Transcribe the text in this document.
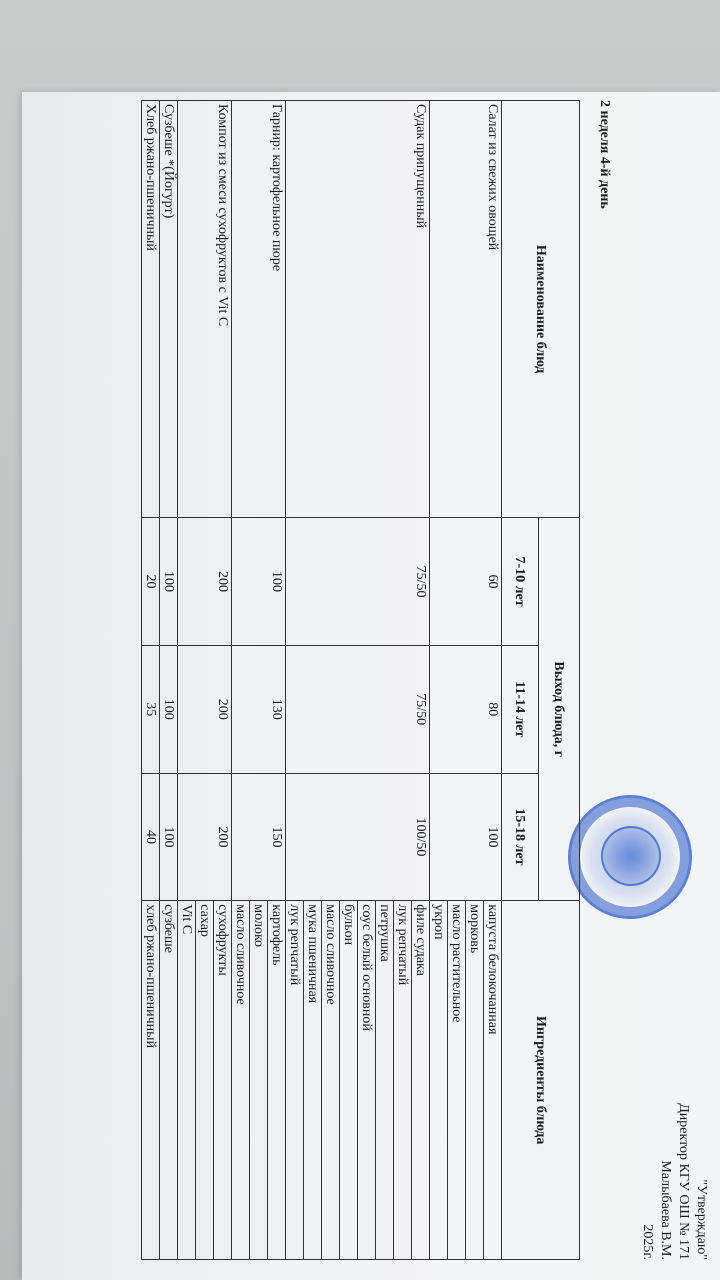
2 неделя 4-й день
"Утверждаю"
Директор КГУ ОШ № 171
Малыбаева В.М.
2025г.
Наименование блюд	Выход блюда, г			Ингредиенты блюда
	7-10 лет	11-14 лет	15-18 лет	
Салат из свежих овощей	60	80	100	капуста белокочанная
				морковь
				масло растительное
				укроп
Судак припущенный	75/50	75/50	100/50	филе судака
				лук репчатый
				петрушка
				соус белый основной
				бульон
				масло сливочное
				мука пшеничная
				лук репчатый
Гарнир: картофельное пюре	100	130	150	картофель
				молоко
				масло сливочное
Компот из смеси сухофруктов с Vit C	200	200	200	сухофрукты
				сахар
				Vit C
Сузбеше *(Йогурт)	100	100	100	сузбеше
Хлеб ржано-пшеничный	20	35	40	хлеб ржано-пшеничный
